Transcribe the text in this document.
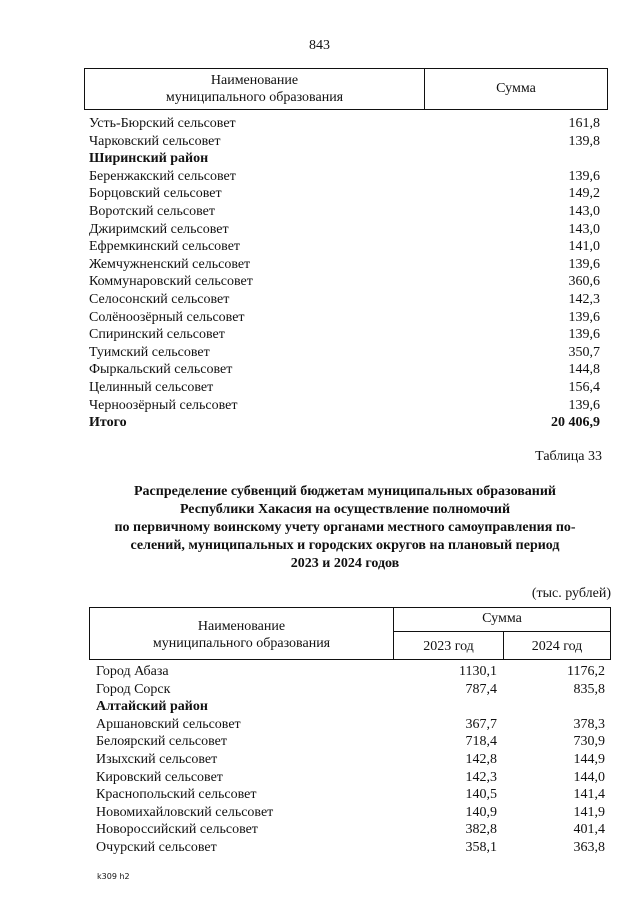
843
Наименование
муниципального образования
Сумма
Усть-Бюрский сельсовет	161,8
Чарковский сельсовет	139,8
Ширинский район
Беренжакский сельсовет	139,6
Борцовский сельсовет	149,2
Воротский сельсовет	143,0
Джиримский сельсовет	143,0
Ефремкинский сельсовет	141,0
Жемчужненский сельсовет	139,6
Коммунаровский сельсовет	360,6
Селосонский сельсовет	142,3
Солёноозёрный сельсовет	139,6
Спиринский сельсовет	139,6
Туимский сельсовет	350,7
Фыркальский сельсовет	144,8
Целинный сельсовет	156,4
Черноозёрный сельсовет	139,6
Итого	20 406,9
Таблица 33
Распределение субвенций бюджетам муниципальных образований
Республики Хакасия на осуществление полномочий
по первичному воинскому учету органами местного самоуправления по-
селений, муниципальных и городских округов на плановый период
2023 и 2024 годов
(тыс. рублей)
Наименование
муниципального образования
Сумма
2023 год	2024 год
Город Абаза	1130,1	1176,2
Город Сорск	787,4	835,8
Алтайский район
Аршановский сельсовет	367,7	378,3
Белоярский сельсовет	718,4	730,9
Изыхский сельсовет	142,8	144,9
Кировский сельсовет	142,3	144,0
Краснопольский сельсовет	140,5	141,4
Новомихайловский сельсовет	140,9	141,9
Новороссийский сельсовет	382,8	401,4
Очурский сельсовет	358,1	363,8
k309 h2
